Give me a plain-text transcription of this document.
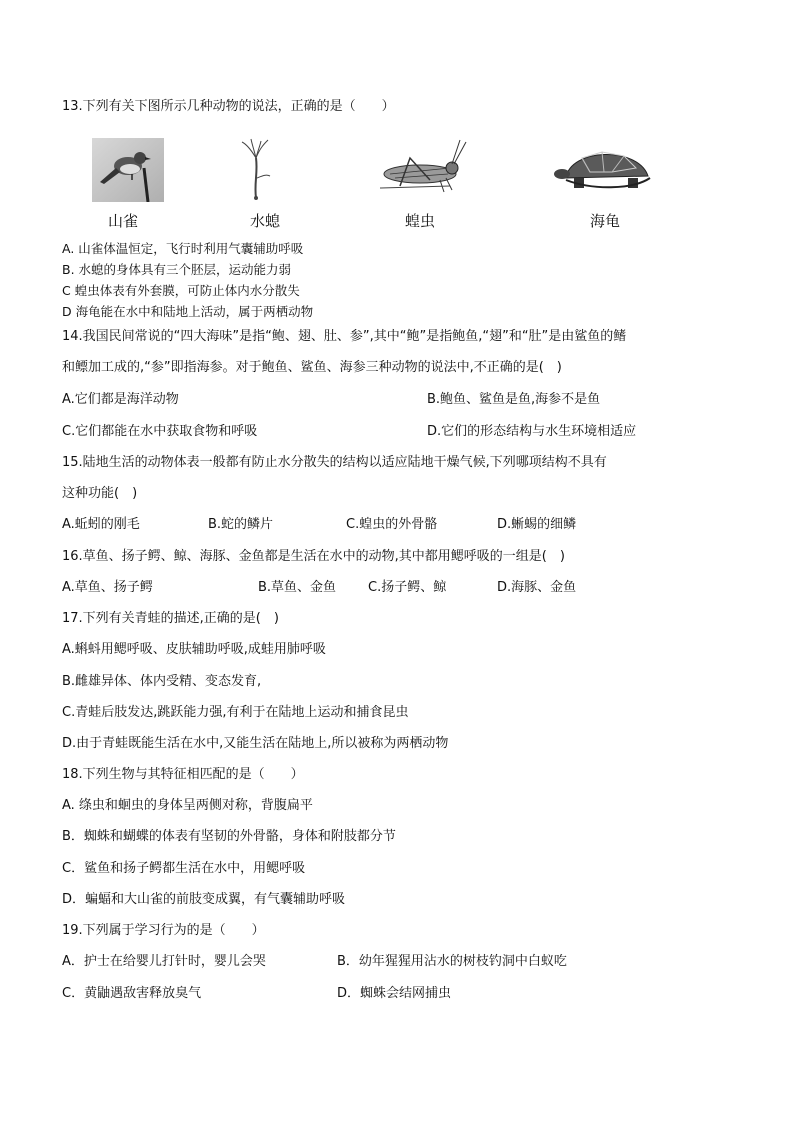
13.下列有关下图所示几种动物的说法，正确的是（　　）
山雀	水螅	蝗虫	海龟
A. 山雀体温恒定，飞行时利用气囊辅助呼吸
B. 水螅的身体具有三个胚层，运动能力弱
C 蝗虫体表有外套膜，可防止体内水分散失
D 海龟能在水中和陆地上活动，属于两栖动物
14.我国民间常说的“四大海味”是指“鲍、翅、肚、参”,其中“鲍”是指鲍鱼,“翅”和“肚”是由鲨鱼的鳍
和鳔加工成的,“参”即指海参。对于鲍鱼、鲨鱼、海参三种动物的说法中,不正确的是(　)
A.它们都是海洋动物	B.鲍鱼、鲨鱼是鱼,海参不是鱼
C.它们都能在水中获取食物和呼吸	D.它们的形态结构与水生环境相适应
15.陆地生活的动物体表一般都有防止水分散失的结构以适应陆地干燥气候,下列哪项结构不具有
这种功能(　)
A.蚯蚓的刚毛	B.蛇的鳞片	C.蝗虫的外骨骼	D.蜥蜴的细鳞
16.草鱼、扬子鳄、鲸、海豚、金鱼都是生活在水中的动物,其中都用鳃呼吸的一组是(　)
A.草鱼、扬子鳄	B.草鱼、金鱼 C.扬子鳄、鲸	D.海豚、金鱼
17.下列有关青蛙的描述,正确的是(　)
A.蝌蚪用鳃呼吸、皮肤辅助呼吸,成蛙用肺呼吸
B.雌雄异体、体内受精、变态发育,
C.青蛙后肢发达,跳跃能力强,有利于在陆地上运动和捕食昆虫
D.由于青蛙既能生活在水中,又能生活在陆地上,所以被称为两栖动物
18.下列生物与其特征相匹配的是（　　）
A. 绦虫和蛔虫的身体呈两侧对称，背腹扁平
B．蜘蛛和蝴蝶的体表有坚韧的外骨骼，身体和附肢都分节
C．鲨鱼和扬子鳄都生活在水中，用鳃呼吸
D．蝙蝠和大山雀的前肢变成翼，有气囊辅助呼吸
19.下列属于学习行为的是（　　）
A．护士在给婴儿打针时，婴儿会哭	B．幼年猩猩用沾水的树枝钓洞中白蚁吃
C．黄鼬遇敌害释放臭气	D．蜘蛛会结网捕虫
